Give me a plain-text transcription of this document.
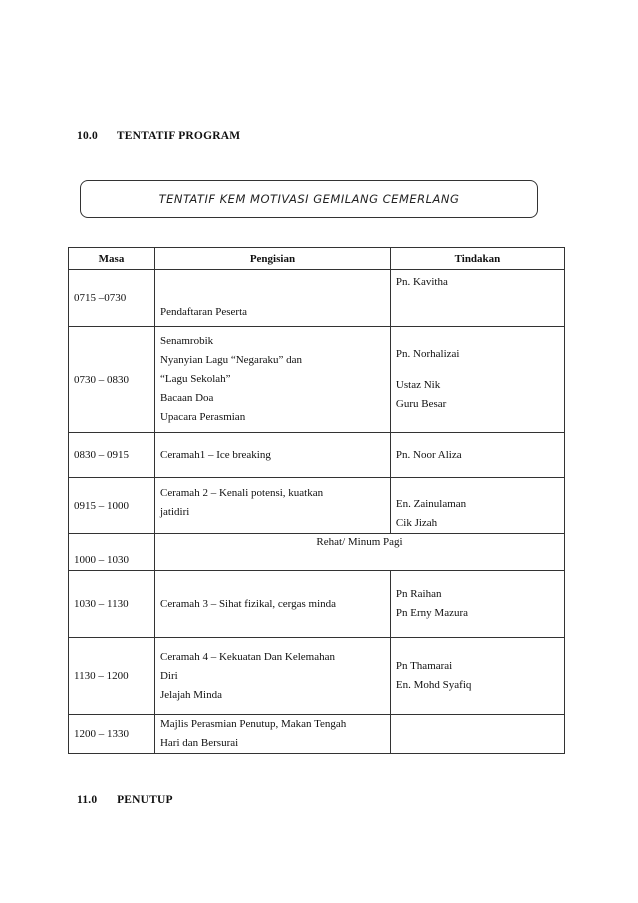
10.0 TENTATIF PROGRAM
TENTATIF KEM MOTIVASI GEMILANG CEMERLANG
Masa	Pengisian	Tindakan
0715 –0730	Pendaftaran Peserta	Pn. Kavitha

0730 – 0830	Senamrobik
Nyanyian Lagu “Negaraku” dan
“Lagu Sekolah”
Bacaan Doa
Upacara Perasmian	Pn. Norhalizai
Ustaz Nik
Guru Besar

0830 – 0915	Ceramah1 – Ice breaking	Pn. Noor Aliza

0915 – 1000	Ceramah 2 – Kenali potensi, kuatkan
jatidiri	En. Zainulaman
Cik Jizah

1000 – 1030	Rehat/ Minum Pagi	
1030 – 1130	Ceramah 3 – Sihat fizikal, cergas minda	Pn Raihan
Pn Erny Mazura

1130 – 1200	Ceramah 4 – Kekuatan Dan Kelemahan
Diri
Jelajah Minda	Pn Thamarai
En. Mohd Syafiq

1200 – 1330	Majlis Perasmian Penutup, Makan Tengah
Hari dan Bersurai	

11.0 PENUTUP
